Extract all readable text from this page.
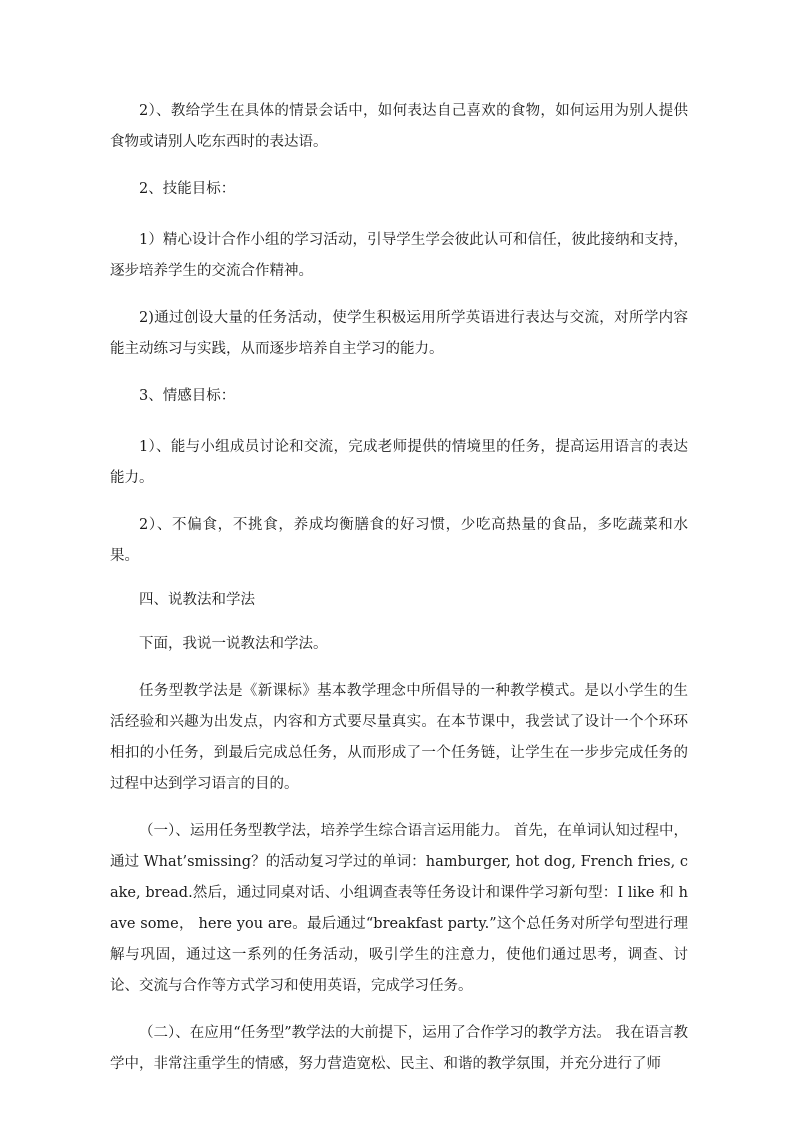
2）、教给学生在具体的情景会话中，如何表达自己喜欢的食物，如何运用为别人提供食物或请别人吃东西时的表达语。

2、技能目标：

1）精心设计合作小组的学习活动，引导学生学会彼此认可和信任，彼此接纳和支持，逐步培养学生的交流合作精神。

2)通过创设大量的任务活动，使学生积极运用所学英语进行表达与交流，对所学内容能主动练习与实践，从而逐步培养自主学习的能力。

3、情感目标：

1）、能与小组成员讨论和交流，完成老师提供的情境里的任务，提高运用语言的表达能力。

2）、不偏食，不挑食，养成均衡膳食的好习惯，少吃高热量的食品，多吃蔬菜和水果。

四、说教法和学法

下面，我说一说教法和学法。

任务型教学法是《新课标》基本教学理念中所倡导的一种教学模式。是以小学生的生活经验和兴趣为出发点，内容和方式要尽量真实。在本节课中，我尝试了设计一个个环环相扣的小任务，到最后完成总任务，从而形成了一个任务链，让学生在一步步完成任务的过程中达到学习语言的目的。

（一）、运用任务型教学法，培养学生综合语言运用能力。 首先，在单词认知过程中，通过 What’smissing？的活动复习学过的单词：hamburger, hot dog, French fries, cake, bread.然后，通过同桌对话、小组调查表等任务设计和课件学习新句型：I like 和 have some， here you are。最后通过“breakfast party.”这个总任务对所学句型进行理解与巩固，通过这一系列的任务活动，吸引学生的注意力，使他们通过思考，调查、讨论、交流与合作等方式学习和使用英语，完成学习任务。

（二）、在应用“任务型”教学法的大前提下，运用了合作学习的教学方法。 我在语言教学中，非常注重学生的情感，努力营造宽松、民主、和谐的教学氛围，并充分进行了师
